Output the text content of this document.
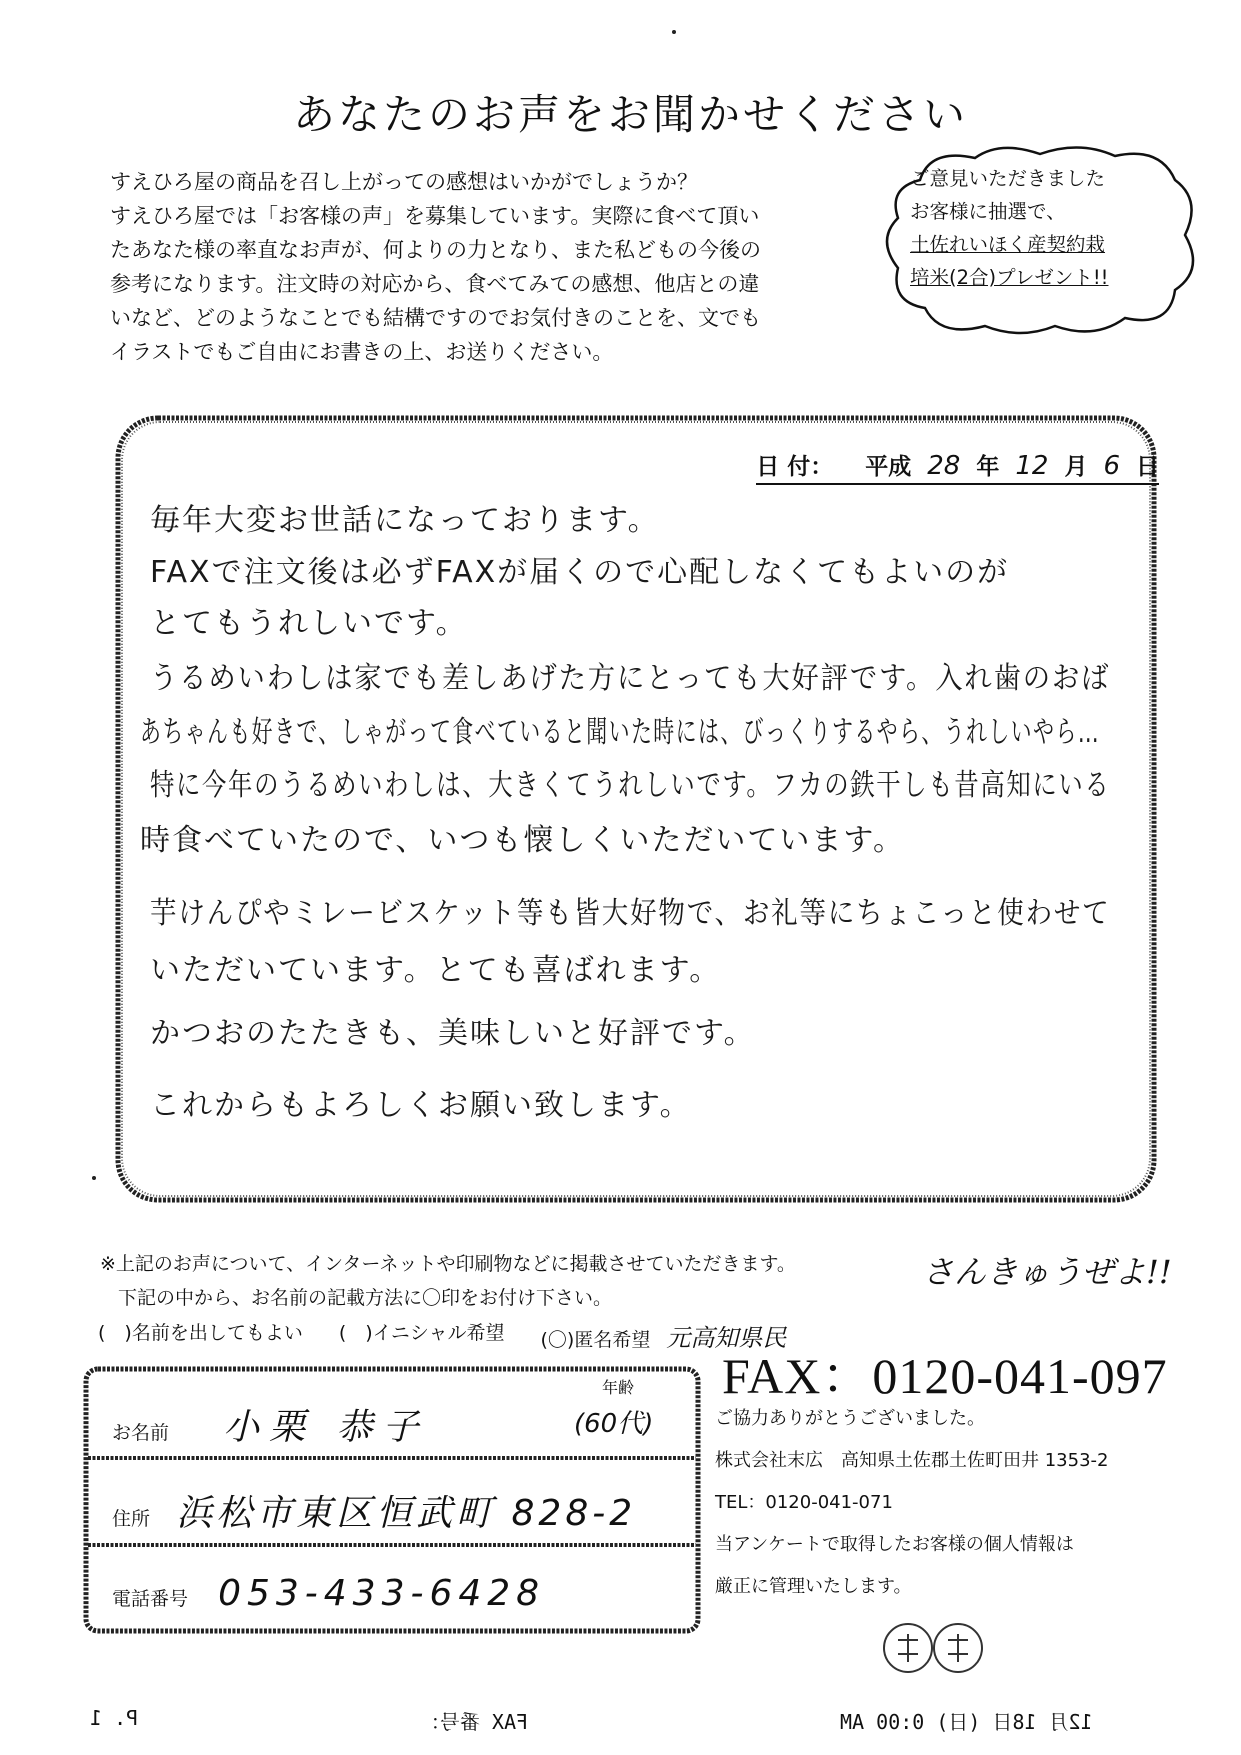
あなたのお声をお聞かせください
すえひろ屋の商品を召し上がっての感想はいかがでしょうか？
すえひろ屋では「お客様の声」を募集しています。実際に食べて頂い
たあなた様の率直なお声が、何よりの力となり、また私どもの今後の
参考になります。注文時の対応から、食べてみての感想、他店との違
いなど、どのようなことでも結構ですのでお気付きのことを、文でも
イラストでもご自由にお書きの上、お送りください。
ご意見いただきました
お客様に抽選で、
土佐れいほく産契約栽
培米(2合)プレゼント!!
日 付： 平成 28 年 12 月 6 日
毎年大変お世話になっております。
FAXで注文後は必ずFAXが届くので心配しなくてもよいのが
とてもうれしいです。
うるめいわしは家でも差しあげた方にとっても大好評です。入れ歯のおば
あちゃんも好きで、しゃがって食べていると聞いた時には、びっくりするやら、うれしいやら…
特に今年のうるめいわしは、大きくてうれしいです。フカの鉄干しも昔高知にいる
時食べていたので、いつも懐しくいただいています。
芋けんぴやミレービスケット等も皆大好物で、お礼等にちょこっと使わせて
いただいています。とても喜ばれます。
かつおのたたきも、美味しいと好評です。
これからもよろしくお願い致します。
※上記のお声について、インターネットや印刷物などに掲載させていただきます。
下記の中から、お名前の記載方法に〇印をお付け下さい。
さんきゅうぜよ!!
(　)名前を出してもよい (　)イニシャル希望 (〇)匿名希望 元高知県民
FAX：0120-041-097
ご協力ありがとうございました。
株式会社末広　高知県土佐郡土佐町田井 1353-2
TEL：0120-041-071
当アンケートで取得したお客様の個人情報は
厳正に管理いたします。
お名前 小栗 恭子
年齢
(60代)
住所 浜松市東区恒武町 828-2
電話番号 053-433-6428
P. 1	FAX 番号：	12月 18日 (日) 0:00 AM
